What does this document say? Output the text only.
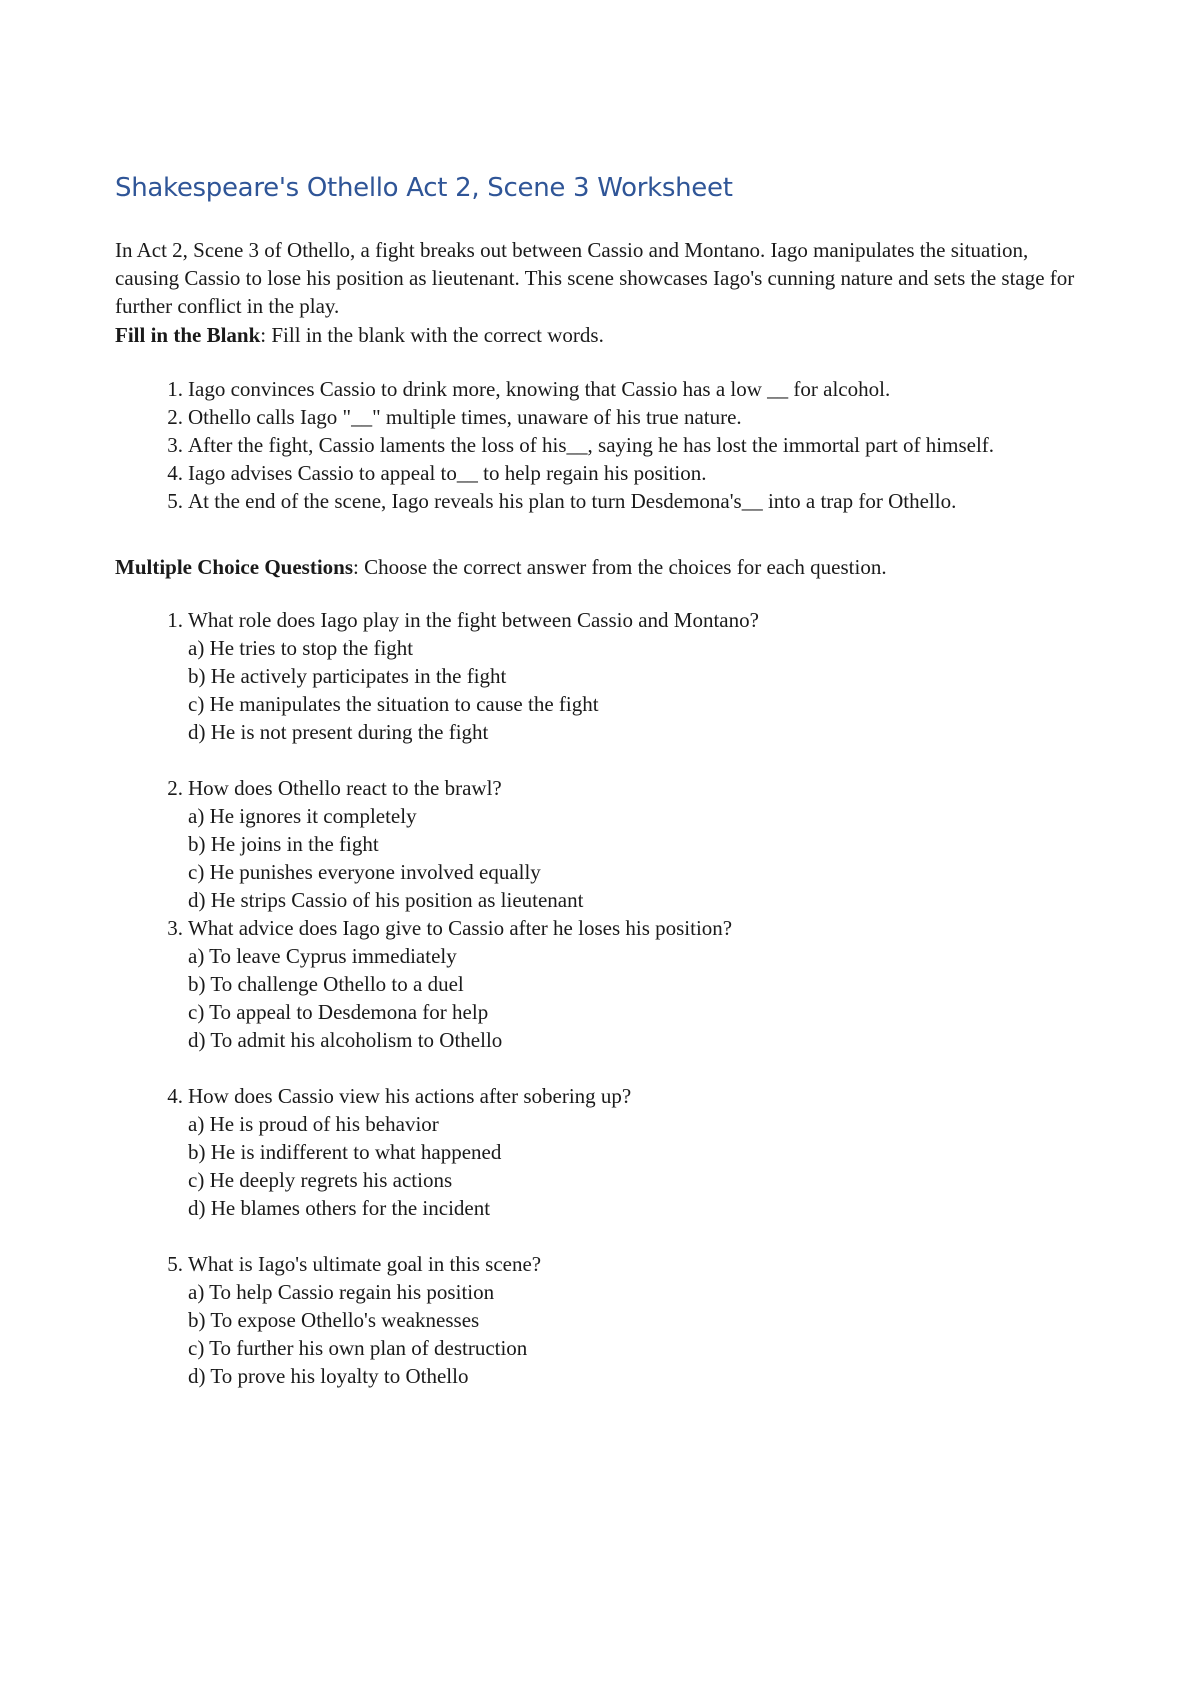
Shakespeare's Othello Act 2, Scene 3 Worksheet

In Act 2, Scene 3 of Othello, a fight breaks out between Cassio and Montano. Iago manipulates the situation, causing Cassio to lose his position as lieutenant. This scene showcases Iago's cunning nature and sets the stage for further conflict in the play.

Fill in the Blank: Fill in the blank with the correct words.

1 . Iago convinces Cassio to drink more, knowing that Cassio has a low __ for alcohol.
2 . Othello calls Iago "__" multiple times, unaware of his true nature.
3 . After the fight, Cassio laments the loss of his__, saying he has lost the immortal part of himself.
4 . Iago advises Cassio to appeal to__ to help regain his position.
5 . At the end of the scene, Iago reveals his plan to turn Desdemona's__ into a trap for Othello.

Multiple Choice Questions: Choose the correct answer from the choices for each question.

1 . What role does Iago play in the fight between Cassio and Montano?
a) He tries to stop the fight
b) He actively participates in the fight
c) He manipulates the situation to cause the fight
d) He is not present during the fight
2 . How does Othello react to the brawl?
a) He ignores it completely
b) He joins in the fight
c) He punishes everyone involved equally
d) He strips Cassio of his position as lieutenant
3 . What advice does Iago give to Cassio after he loses his position?
a) To leave Cyprus immediately
b) To challenge Othello to a duel
c) To appeal to Desdemona for help
d) To admit his alcoholism to Othello
4 . How does Cassio view his actions after sobering up?
a) He is proud of his behavior
b) He is indifferent to what happened
c) He deeply regrets his actions
d) He blames others for the incident
5 . What is Iago's ultimate goal in this scene?
a) To help Cassio regain his position
b) To expose Othello's weaknesses
c) To further his own plan of destruction
d) To prove his loyalty to Othello
